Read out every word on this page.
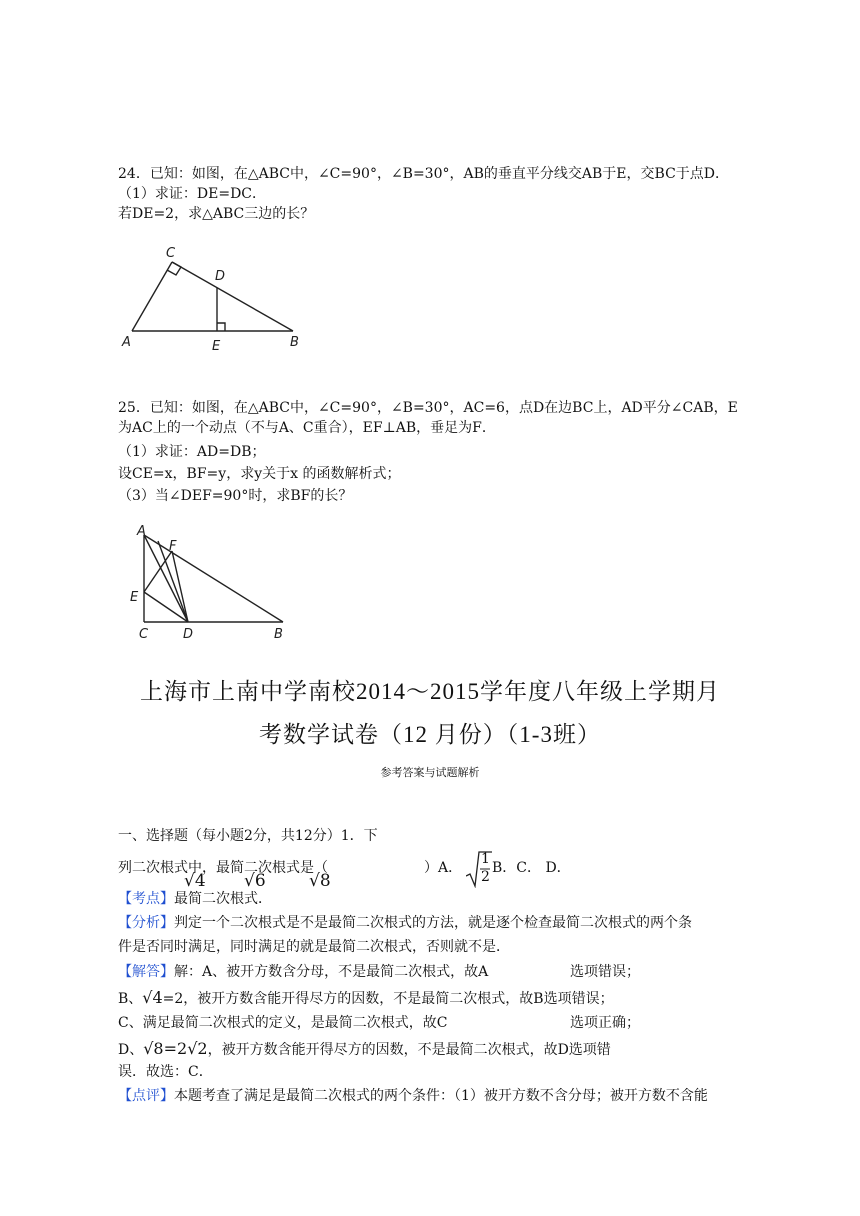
24．已知：如图，在△ABC中，∠C=90°，∠B=30°，AB的垂直平分线交AB于E，交BC于点D．
（1）求证：DE=DC．
若DE=2，求△ABC三边的长？
A	B
C
D
E
25．已知：如图，在△ABC中，∠C=90°，∠B=30°，AC=6，点D在边BC上，AD平分∠CAB，E
为AC上的一个动点（不与A、C重合），EF⊥AB，垂足为F．
（1）求证：AD=DB；
设CE=x，BF=y，求y关于x 的函数解析式；
（3）当∠DEF=90°时，求BF的长？
A
F
E
C	D	B
上海市上南中学南校2014～2015学年度八年级上学期月
考数学试卷（12 月份）（1-3班）
参考答案与试题解析
一、选择题（每小题2分，共12分）1．下
列二次根式中，最简二次根式是（	）A．
1
2
B．C． D．
√4 √6	√8
【考点】最简二次根式．
【分析】判定一个二次根式是不是最简二次根式的方法，就是逐个检查最简二次根式的两个条
件是否同时满足，同时满足的就是最简二次根式，否则就不是．
【解答】解：A、被开方数含分母，不是最简二次根式，故A	选项错误；
B、√4=2，被开方数含能开得尽方的因数，不是最简二次根式，故B选项错误；
C、满足最简二次根式的定义，是最简二次根式，故C	选项正确；
D、√8=2√2，被开方数含能开得尽方的因数，不是最简二次根式，故D选项错
误．故选：C．
【点评】本题考查了满足是最简二次根式的两个条件：（1）被开方数不含分母；被开方数不含能
